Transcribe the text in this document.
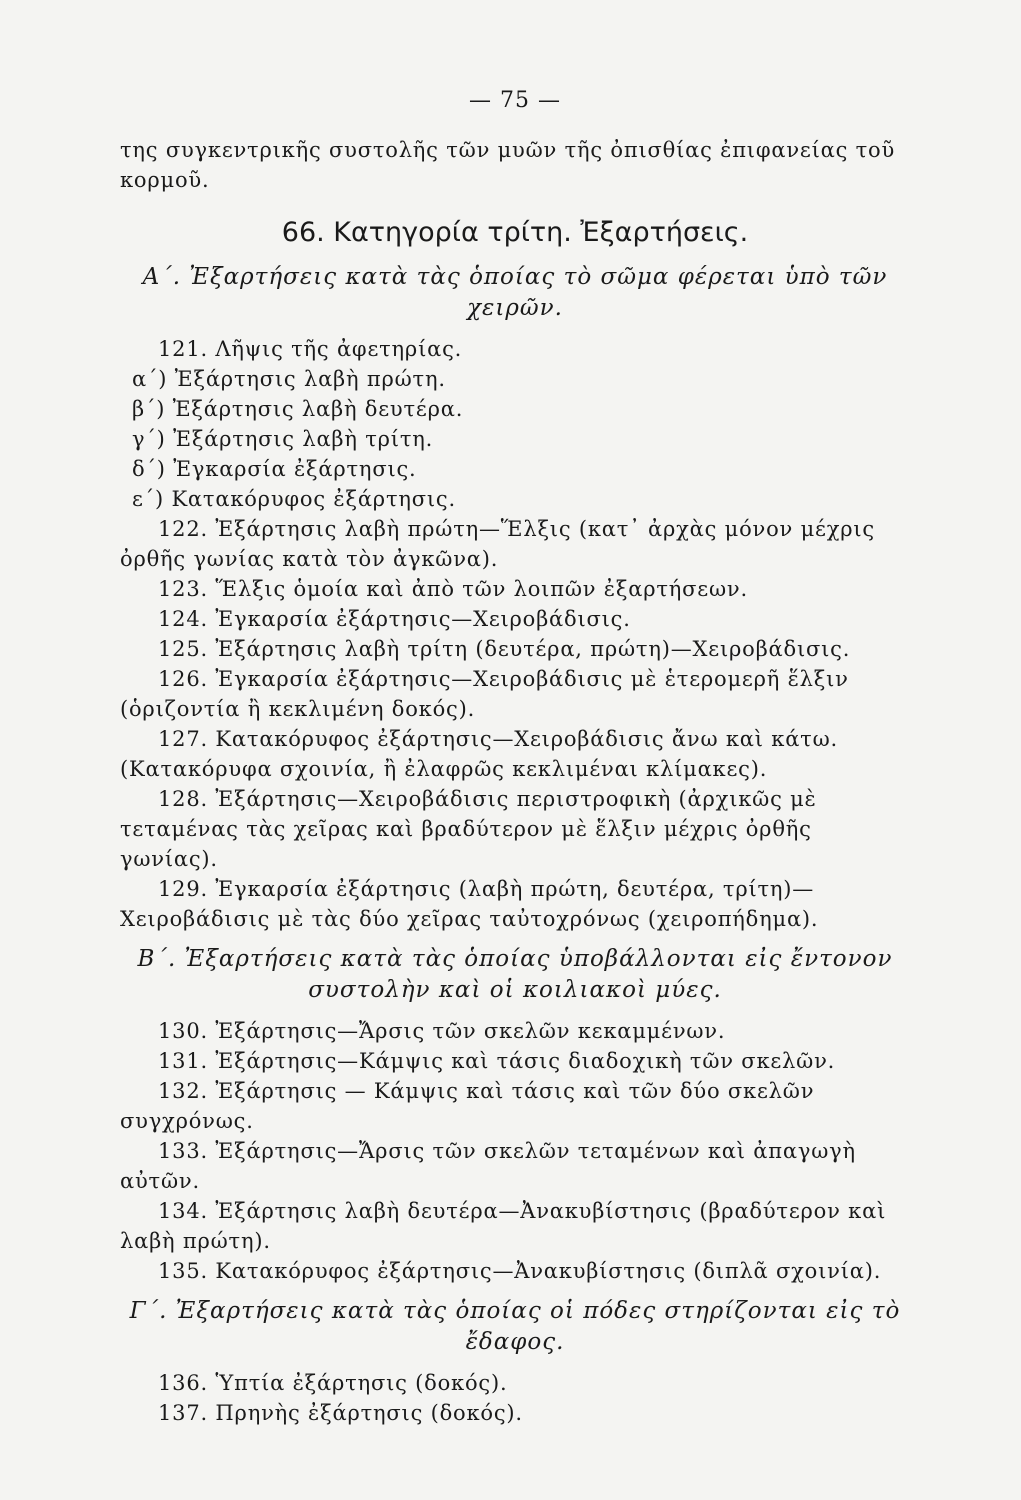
— 75 —

της συγκεντρικῆς συστολῆς τῶν μυῶν τῆς ὀπισθίας ἐπιφανείας τοῦ κορμοῦ.

66. Κατηγορία τρίτη. Ἐξαρτήσεις.
Α΄. Ἐξαρτήσεις κατὰ τὰς ὁποίας τὸ σῶμα φέρεται ὑπὸ τῶν χειρῶν.

121. Λῆψις τῆς ἀφετηρίας.

α΄) Ἐξάρτησις λαβὴ πρώτη.

β΄) Ἐξάρτησις λαβὴ δευτέρα.

γ΄) Ἐξάρτησις λαβὴ τρίτη.

δ΄) Ἐγκαρσία ἐξάρτησις.

ε΄) Κατακόρυφος ἐξάρτησις.

122. Ἐξάρτησις λαβὴ πρώτη—Ἕλξις (κατ᾽ ἀρχὰς μόνον μέχρις ὀρθῆς γωνίας κατὰ τὸν ἀγκῶνα).

123. Ἕλξις ὁμοία καὶ ἀπὸ τῶν λοιπῶν ἐξαρτήσεων.

124. Ἐγκαρσία ἐξάρτησις—Χειροβάδισις.

125. Ἐξάρτησις λαβὴ τρίτη (δευτέρα, πρώτη)—Χειροβάδισις.

126. Ἐγκαρσία ἐξάρτησις—Χειροβάδισις μὲ ἑτερομερῆ ἕλξιν (ὁριζοντία ἢ κεκλιμένη δοκός).

127. Κατακόρυφος ἐξάρτησις—Χειροβάδισις ἄνω καὶ κάτω. (Κατακόρυφα σχοινία, ἢ ἐλαφρῶς κεκλιμέναι κλίμακες).

128. Ἐξάρτησις—Χειροβάδισις περιστροφικὴ (ἀρχικῶς μὲ τεταμένας τὰς χεῖρας καὶ βραδύτερον μὲ ἕλξιν μέχρις ὀρθῆς γωνίας).

129. Ἐγκαρσία ἐξάρτησις (λαβὴ πρώτη, δευτέρα, τρίτη)—Χειροβάδισις μὲ τὰς δύο χεῖρας ταὐτοχρόνως (χειροπήδημα).

Β΄. Ἐξαρτήσεις κατὰ τὰς ὁποίας ὑποβάλλονται εἰς ἔντονον συστολὴν καὶ οἱ κοιλιακοὶ μύες.

130. Ἐξάρτησις—Ἄρσις τῶν σκελῶν κεκαμμένων.

131. Ἐξάρτησις—Κάμψις καὶ τάσις διαδοχικὴ τῶν σκελῶν.

132. Ἐξάρτησις — Κάμψις καὶ τάσις καὶ τῶν δύο σκελῶν συγχρόνως.

133. Ἐξάρτησις—Ἄρσις τῶν σκελῶν τεταμένων καὶ ἀπαγωγὴ αὐτῶν.

134. Ἐξάρτησις λαβὴ δευτέρα—Ἀνακυβίστησις (βραδύτερον καὶ λαβὴ πρώτη).

135. Κατακόρυφος ἐξάρτησις—Ἀνακυβίστησις (διπλᾶ σχοινία).

Γ΄. Ἐξαρτήσεις κατὰ τὰς ὁποίας οἱ πόδες στηρίζονται εἰς τὸ ἔδαφος.

136. Ὑπτία ἐξάρτησις (δοκός).

137. Πρηνὴς ἐξάρτησις (δοκός).
